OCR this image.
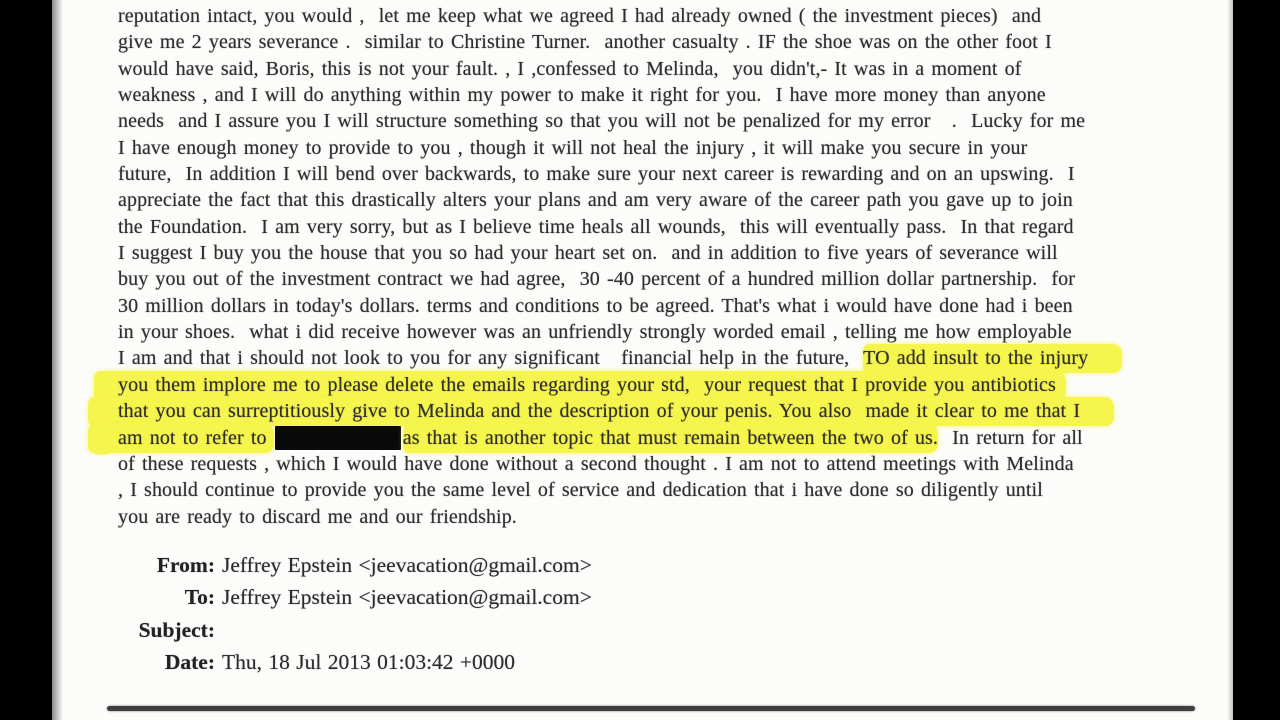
reputation intact, you would ,  let me keep what we agreed I had already owned ( the investment pieces)  and
give me 2 years severance .  similar to Christine Turner.  another casualty . IF the shoe was on the other foot I
would have said, Boris, this is not your fault. , I ,confessed to Melinda,  you didn't,- It was in a moment of
weakness , and I will do anything within my power to make it right for you.  I have more money than anyone
needs  and I assure you I will structure something so that you will not be penalized for my error   .  Lucky for me
I have enough money to provide to you , though it will not heal the injury , it will make you secure in your
future,  In addition I will bend over backwards, to make sure your next career is rewarding and on an upswing.  I
appreciate the fact that this drastically alters your plans and am very aware of the career path you gave up to join
the Foundation.  I am very sorry, but as I believe time heals all wounds,  this will eventually pass.  In that regard
I suggest I buy you the house that you so had your heart set on.  and in addition to five years of severance will
buy you out of the investment contract we had agree,  30 -40 percent of a hundred million dollar partnership.  for
30 million dollars in today's dollars. terms and conditions to be agreed. That's what i would have done had i been
in your shoes.  what i did receive however was an unfriendly strongly worded email , telling me how employable
I am and that i should not look to you for any significant   financial help in the future,  TO add insult to the injury
you them implore me to please delete the emails regarding your std,  your request that I provide you antibiotics
that you can surreptitiously give to Melinda and the description of your penis. You also  made it clear to me that I
am not to refer to	as that is another topic that must remain between the two of us.  In return for all
of these requests , which I would have done without a second thought . I am not to attend meetings with Melinda
, I should continue to provide you the same level of service and dedication that i have done so diligently until
you are ready to discard me and our friendship.
From: Jeffrey Epstein <jeevacation@gmail.com>
To: Jeffrey Epstein <jeevacation@gmail.com>
Subject:
Date: Thu, 18 Jul 2013 01:03:42 +0000
